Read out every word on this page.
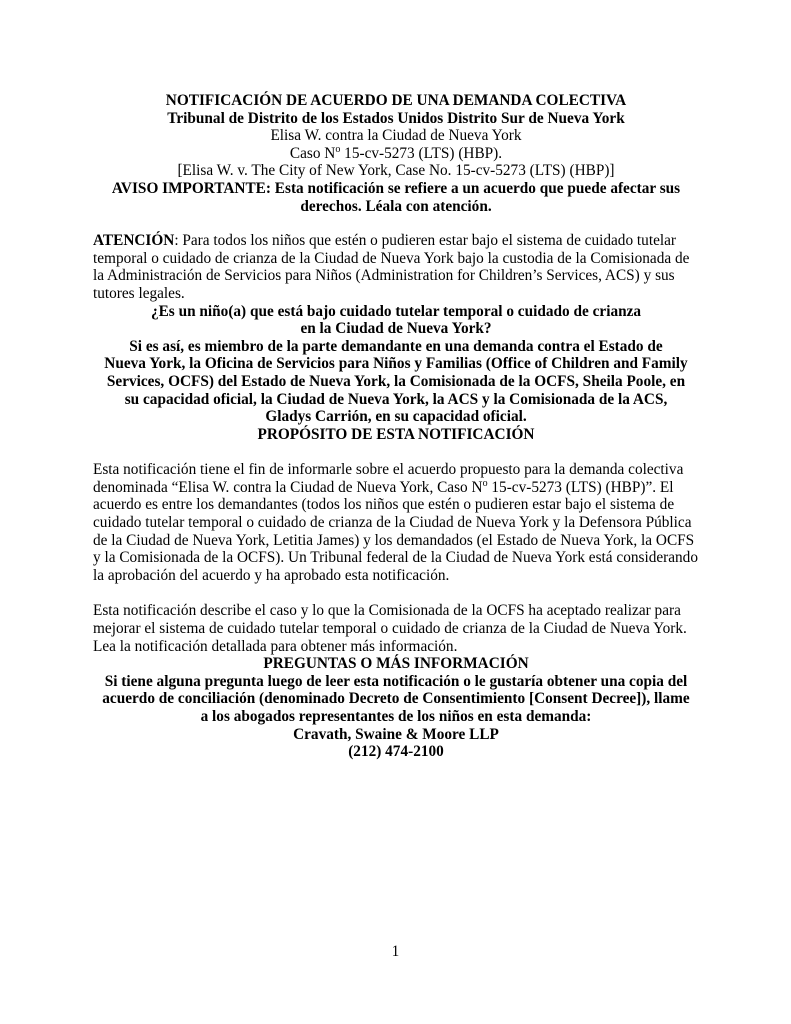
NOTIFICACIÓN DE ACUERDO DE UNA DEMANDA COLECTIVA
Tribunal de Distrito de los Estados Unidos Distrito Sur de Nueva York
Elisa W. contra la Ciudad de Nueva York
Caso $N^o$ 15-cv-5273 (LTS) (HBP).
[Elisa W. v. The City of New York, Case No. 15-cv-5273 (LTS) (HBP)]
AVISO IMPORTANTE: Esta notificación se refiere a un acuerdo que puede afectar sus
derechos. Léala con atención.

ATENCIÓN: Para todos los niños que estén o pudieren estar bajo el sistema de cuidado tutelar temporal o cuidado de crianza de la Ciudad de Nueva York bajo la custodia de la Comisionada de la Administración de Servicios para Niños (Administration for Children’s Services, ACS) y sus tutores legales.

¿Es un niño(a) que está bajo cuidado tutelar temporal o cuidado de crianza
en la Ciudad de Nueva York?
Si es así, es miembro de la parte demandante en una demanda contra el Estado de
Nueva York, la Oficina de Servicios para Niños y Familias (Office of Children and Family
Services, OCFS) del Estado de Nueva York, la Comisionada de la OCFS, Sheila Poole, en
su capacidad oficial, la Ciudad de Nueva York, la ACS y la Comisionada de la ACS,
Gladys Carrión, en su capacidad oficial.
PROPÓSITO DE ESTA NOTIFICACIÓN

Esta notificación tiene el fin de informarle sobre el acuerdo propuesto para la demanda colectiva denominada “Elisa W. contra la Ciudad de Nueva York, Caso $N^o$ 15-cv-5273 (LTS) (HBP)”. El acuerdo es entre los demandantes (todos los niños que estén o pudieren estar bajo el sistema de cuidado tutelar temporal o cuidado de crianza de la Ciudad de Nueva York y la Defensora Pública de la Ciudad de Nueva York, Letitia James) y los demandados (el Estado de Nueva York, la OCFS y la Comisionada de la OCFS). Un Tribunal federal de la Ciudad de Nueva York está considerando la aprobación del acuerdo y ha aprobado esta notificación.

Esta notificación describe el caso y lo que la Comisionada de la OCFS ha aceptado realizar para mejorar el sistema de cuidado tutelar temporal o cuidado de crianza de la Ciudad de Nueva York. Lea la notificación detallada para obtener más información.

PREGUNTAS O MÁS INFORMACIÓN
Si tiene alguna pregunta luego de leer esta notificación o le gustaría obtener una copia del
acuerdo de conciliación (denominado Decreto de Consentimiento [Consent Decree]), llame
a los abogados representantes de los niños en esta demanda:
Cravath, Swaine & Moore LLP
(212) 474-2100
1
